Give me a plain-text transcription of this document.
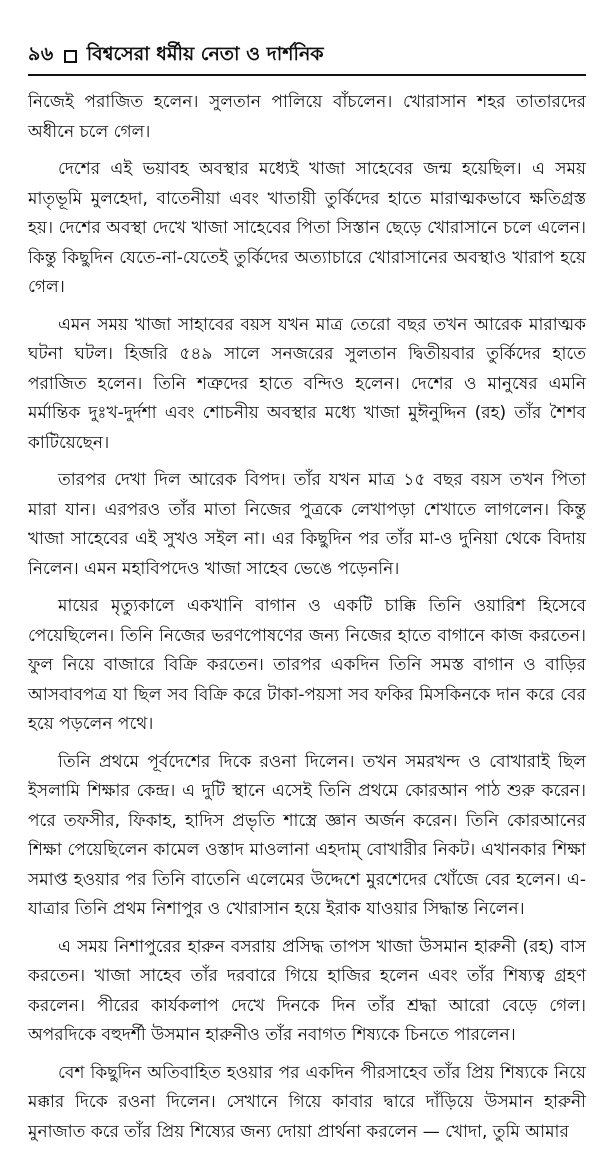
৯৬ বিশ্বসেরা ধর্মীয় নেতা ও দার্শনিক

নিজেই পরাজিত হলেন। সুলতান পালিয়ে বাঁচলেন। খোরাসান শহর তাতারদের অধীনে চলে গেল।

দেশের এই ভয়াবহ অবস্থার মধ্যেই খাজা সাহেবের জন্ম হয়েছিল। এ সময় মাতৃভূমি মুলহেদা, বাতেনীয়া এবং খাতায়ী তুর্কিদের হাতে মারাত্মকভাবে ক্ষতিগ্রস্ত হয়। দেশের অবস্থা দেখে খাজা সাহেবের পিতা সিস্তান ছেড়ে খোরাসানে চলে এলেন। কিন্তু কিছুদিন যেতে-না-যেতেই তুর্কিদের অত্যাচারে খোরাসানের অবস্থাও খারাপ হয়ে গেল।

এমন সময় খাজা সাহাবের বয়স যখন মাত্র তেরো বছর তখন আরেক মারাত্মক ঘটনা ঘটল। হিজরি ৫৪৯ সালে সনজরের সুলতান দ্বিতীয়বার তুর্কিদের হাতে পরাজিত হলেন। তিনি শত্রুদের হাতে বন্দিও হলেন। দেশের ও মানুষের এমনি মর্মান্তিক দুঃখ-দুর্দশা এবং শোচনীয় অবস্থার মধ্যে খাজা মুঈনুদ্দিন (রহ) তাঁর শৈশব কাটিয়েছেন।

তারপর দেখা দিল আরেক বিপদ। তাঁর যখন মাত্র ১৫ বছর বয়স তখন পিতা মারা যান। এরপরও তাঁর মাতা নিজের পুত্রকে লেখাপড়া শেখাতে লাগলেন। কিন্তু খাজা সাহেবের এই সুখও সইল না। এর কিছুদিন পর তাঁর মা-ও দুনিয়া থেকে বিদায় নিলেন। এমন মহাবিপদেও খাজা সাহেব ভেঙে পড়েননি।

মায়ের মৃত্যুকালে একখানি বাগান ও একটি চাক্কি তিনি ওয়ারিশ হিসেবে পেয়েছিলেন। তিনি নিজের ভরণপোষণের জন্য নিজের হাতে বাগানে কাজ করতেন। ফুল নিয়ে বাজারে বিক্রি করতেন। তারপর একদিন তিনি সমস্ত বাগান ও বাড়ির আসবাবপত্র যা ছিল সব বিক্রি করে টাকা-পয়সা সব ফকির মিসকিনকে দান করে বের হয়ে পড়লেন পথে।

তিনি প্রথমে পূর্বদেশের দিকে রওনা দিলেন। তখন সমরখন্দ ও বোখারাই ছিল ইসলামি শিক্ষার কেন্দ্র। এ দুটি স্থানে এসেই তিনি প্রথমে কোরআন পাঠ শুরু করেন। পরে তফসীর, ফিকাহ, হাদিস প্রভৃতি শাস্ত্রে জ্ঞান অর্জন করেন। তিনি কোরআনের শিক্ষা পেয়েছিলেন কামেল ওস্তাদ মাওলানা এহদাম্ বোখারীর নিকট। এখানকার শিক্ষা সমাপ্ত হওয়ার পর তিনি বাতেনি এলেমের উদ্দেশে মুরশেদের খোঁজে বের হলেন। এ-যাত্রার তিনি প্রথম নিশাপুর ও খোরাসান হয়ে ইরাক যাওয়ার সিদ্ধান্ত নিলেন।

এ সময় নিশাপুরের হারুন বসরায় প্রসিদ্ধ তাপস খাজা উসমান হারুনী (রহ) বাস করতেন। খাজা সাহেব তাঁর দরবারে গিয়ে হাজির হলেন এবং তাঁর শিষ্যত্ব গ্রহণ করলেন। পীরের কার্যকলাপ দেখে দিনকে দিন তাঁর শ্রদ্ধা আরো বেড়ে গেল। অপরদিকে বহুদর্শী উসমান হারুনীও তাঁর নবাগত শিষ্যকে চিনতে পারলেন।

বেশ কিছুদিন অতিবাহিত হওয়ার পর একদিন পীরসাহেব তাঁর প্রিয় শিষ্যকে নিয়ে মক্কার দিকে রওনা দিলেন। সেখানে গিয়ে কাবার দ্বারে দাঁড়িয়ে উসমান হারুনী মুনাজাত করে তাঁর প্রিয় শিষ্যের জন্য দোয়া প্রার্থনা করলেন — খোদা, তুমি আমার
